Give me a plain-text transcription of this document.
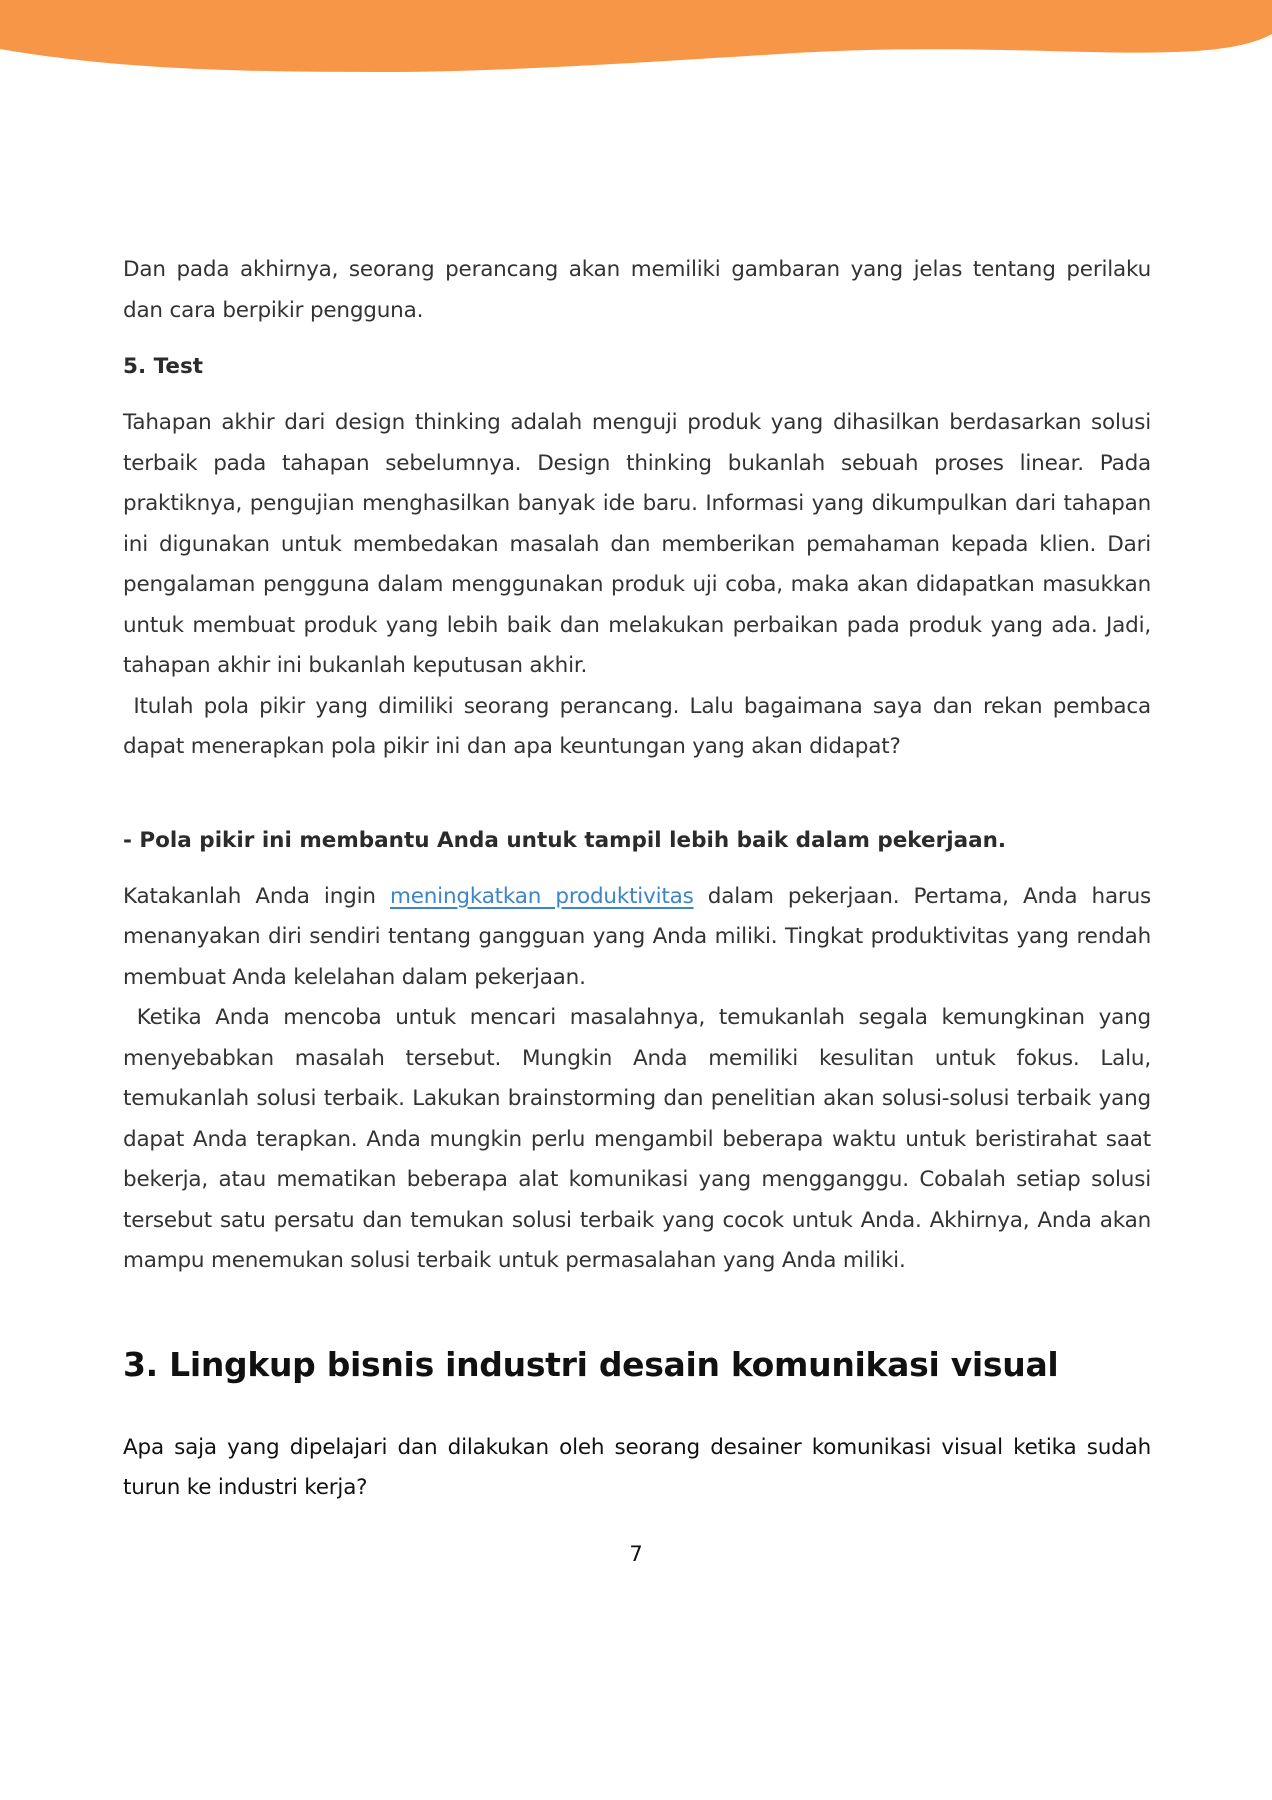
Dan pada akhirnya, seorang perancang akan memiliki gambaran yang jelas tentang perilaku dan cara berpikir pengguna.

5. Test

Tahapan akhir dari design thinking adalah menguji produk yang dihasilkan berdasarkan solusi terbaik pada tahapan sebelumnya. Design thinking bukanlah sebuah proses linear. Pada praktiknya, pengujian menghasilkan banyak ide baru. Informasi yang dikumpulkan dari tahapan ini digunakan untuk membedakan masalah dan memberikan pemahaman kepada klien. Dari pengalaman pengguna dalam menggunakan produk uji coba, maka akan didapatkan masukkan untuk membuat produk yang lebih baik dan melakukan perbaikan pada produk yang ada. Jadi, tahapan akhir ini bukanlah keputusan akhir.

Itulah pola pikir yang dimiliki seorang perancang. Lalu bagaimana saya dan rekan pembaca dapat menerapkan pola pikir ini dan apa keuntungan yang akan didapat?

- Pola pikir ini membantu Anda untuk tampil lebih baik dalam pekerjaan.

Katakanlah Anda ingin meningkatkan produktivitas dalam pekerjaan. Pertama, Anda harus menanyakan diri sendiri tentang gangguan yang Anda miliki. Tingkat produktivitas yang rendah membuat Anda kelelahan dalam pekerjaan.

Ketika Anda mencoba untuk mencari masalahnya, temukanlah segala kemungkinan yang menyebabkan masalah tersebut. Mungkin Anda memiliki kesulitan untuk fokus. Lalu, temukanlah solusi terbaik. Lakukan brainstorming dan penelitian akan solusi-solusi terbaik yang dapat Anda terapkan. Anda mungkin perlu mengambil beberapa waktu untuk beristirahat saat bekerja, atau mematikan beberapa alat komunikasi yang mengganggu. Cobalah setiap solusi tersebut satu persatu dan temukan solusi terbaik yang cocok untuk Anda. Akhirnya, Anda akan mampu menemukan solusi terbaik untuk permasalahan yang Anda miliki.

3. Lingkup bisnis industri desain komunikasi visual

Apa saja yang dipelajari dan dilakukan oleh seorang desainer komunikasi visual ketika sudah turun ke industri kerja?

7
